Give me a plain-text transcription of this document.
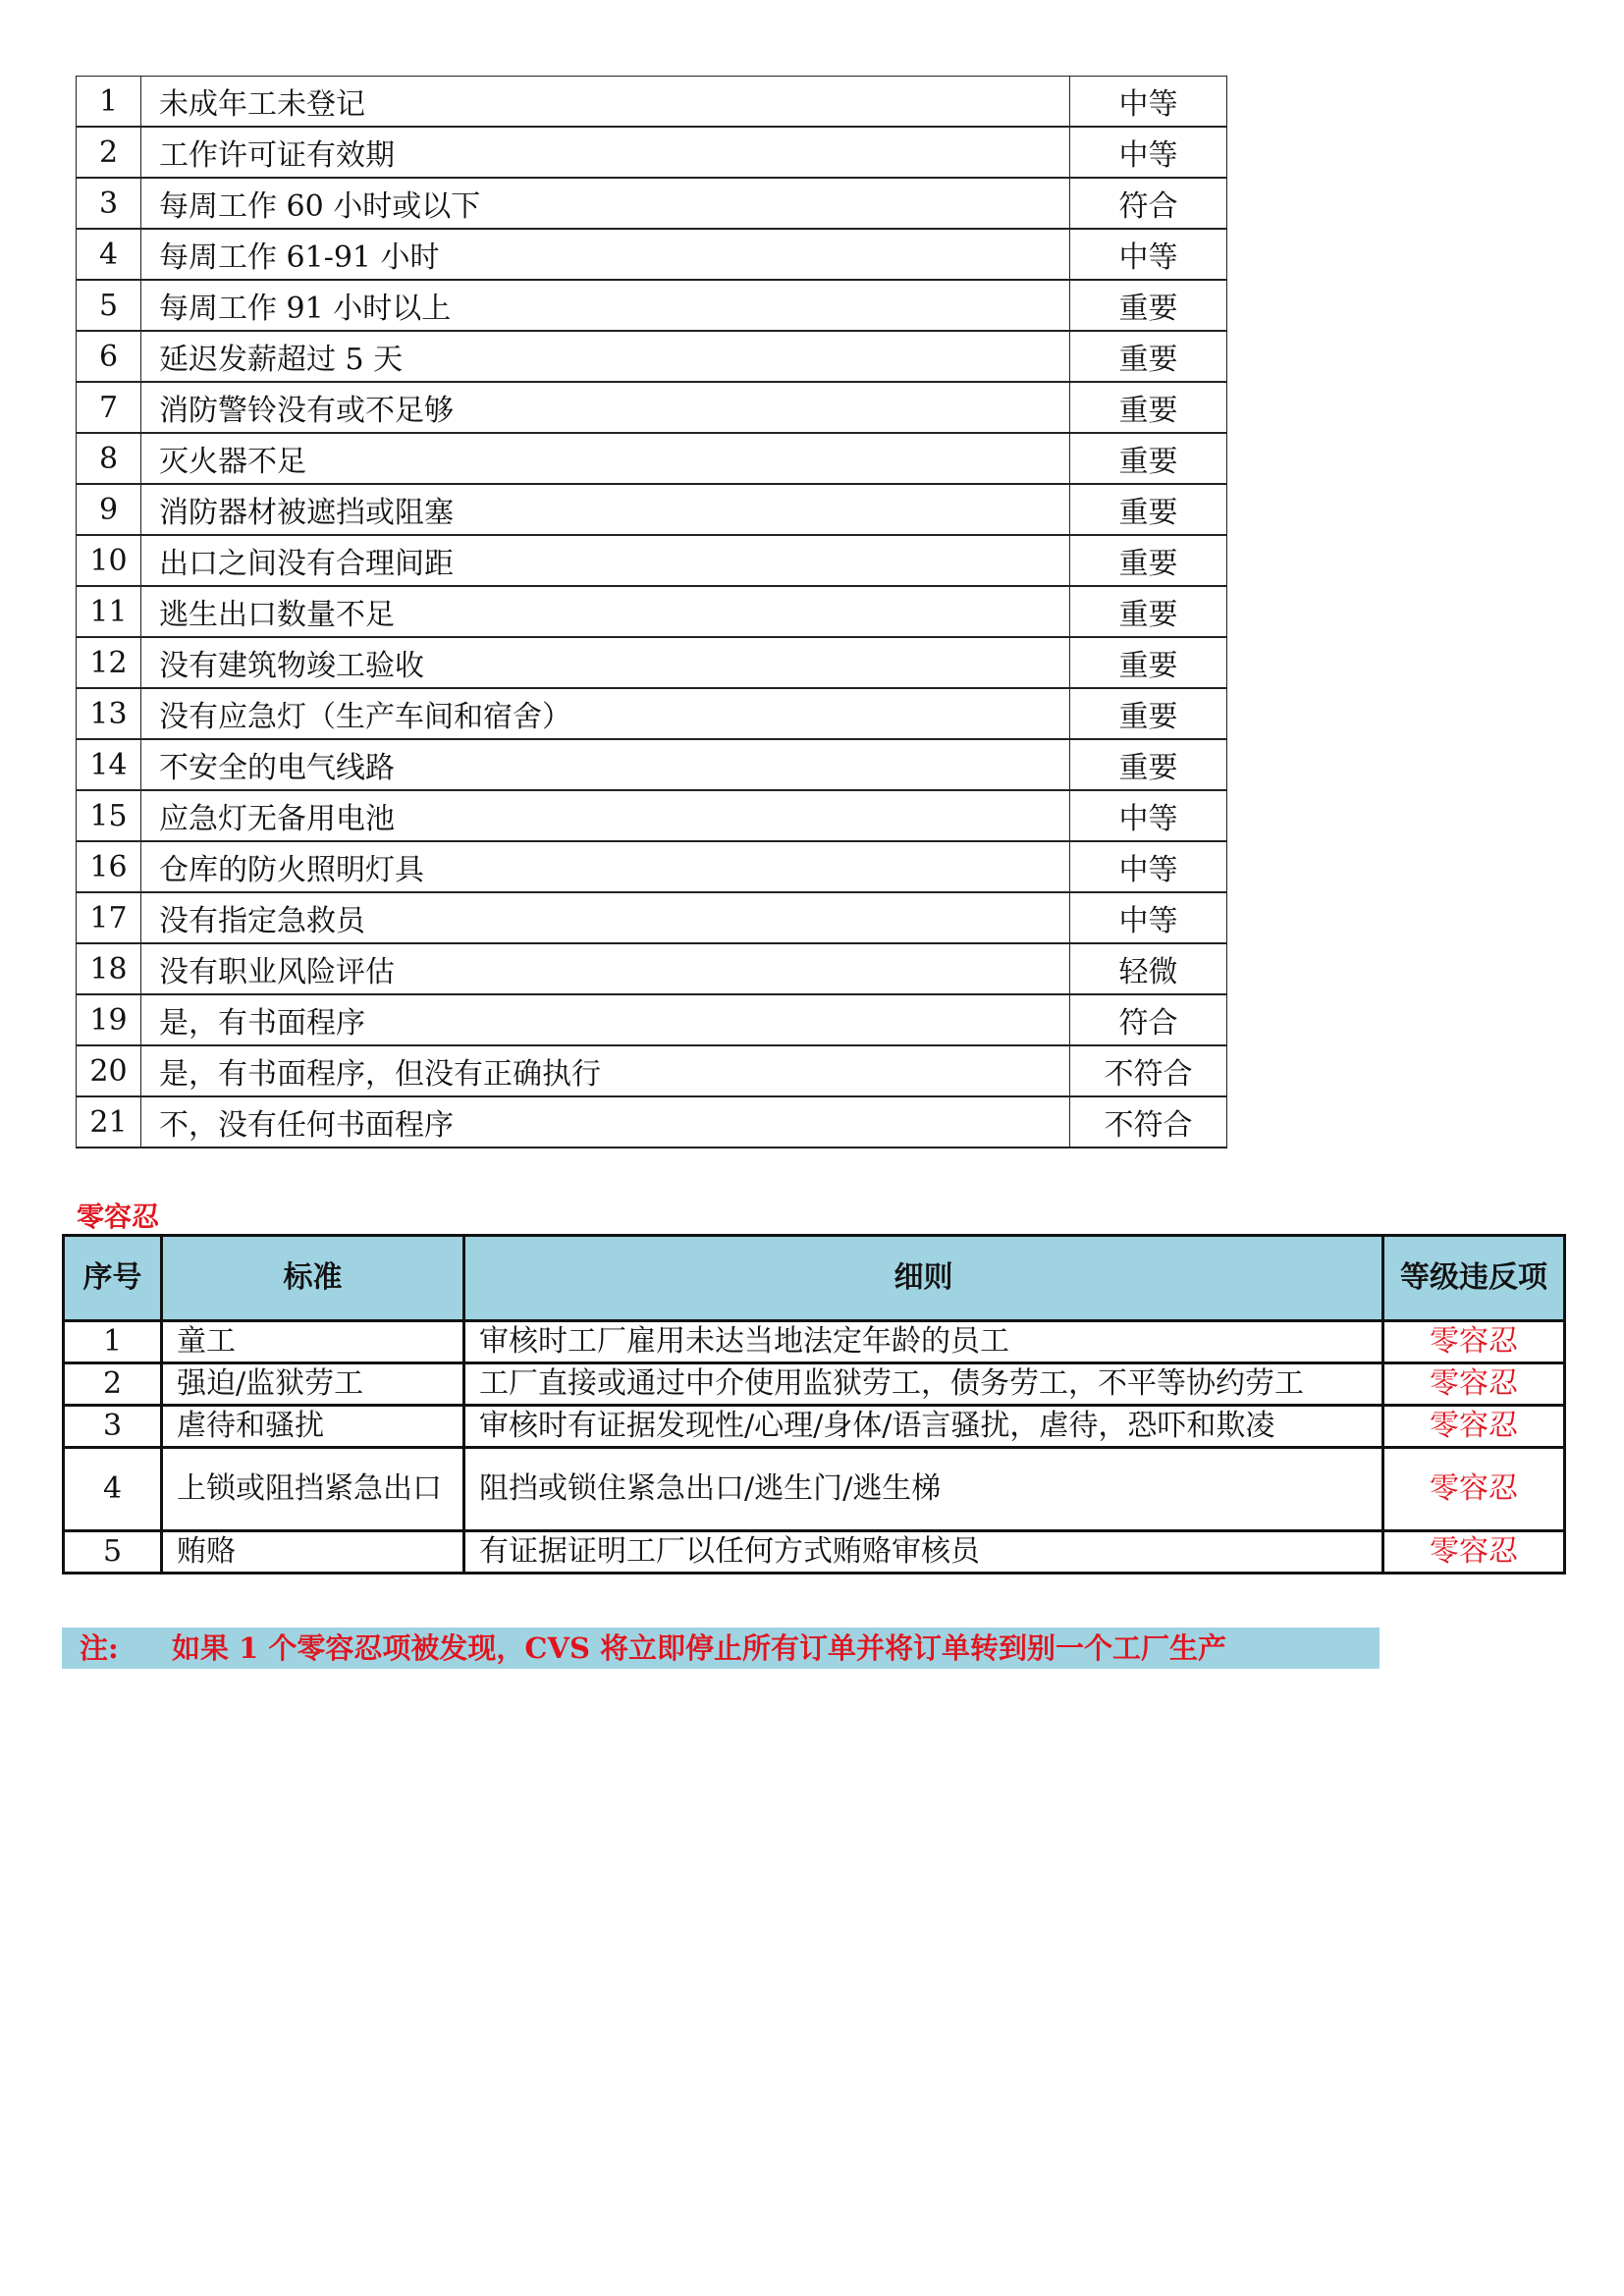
1	未成年工未登记	中等
2	工作许可证有效期	中等
3	每周工作 60 小时或以下	符合
4	每周工作 61-91 小时	中等
5	每周工作 91 小时以上	重要
6	延迟发薪超过 5 天	重要
7	消防警铃没有或不足够	重要
8	灭火器不足	重要
9	消防器材被遮挡或阻塞	重要
10	出口之间没有合理间距	重要
11	逃生出口数量不足	重要
12	没有建筑物竣工验收	重要
13	没有应急灯（生产车间和宿舍）	重要
14	不安全的电气线路	重要
15	应急灯无备用电池	中等
16	仓库的防火照明灯具	中等
17	没有指定急救员	中等
18	没有职业风险评估	轻微
19	是，有书面程序	符合
20	是，有书面程序，但没有正确执行	不符合
21	不，没有任何书面程序	不符合
零容忍
序号	标准	细则	等级违反项
1	童工	审核时工厂雇用未达当地法定年龄的员工	零容忍
2	强迫/监狱劳工	工厂直接或通过中介使用监狱劳工，债务劳工，不平等协约劳工	零容忍
3	虐待和骚扰	审核时有证据发现性/心理/身体/语言骚扰，虐待，恐吓和欺凌	零容忍
4	上锁或阻挡紧急出口	阻挡或锁住紧急出口/逃生门/逃生梯	零容忍
5	贿赂	有证据证明工厂以任何方式贿赂审核员	零容忍
注: 如果 1 个零容忍项被发现，CVS 将立即停止所有订单并将订单转到别一个工厂生产
